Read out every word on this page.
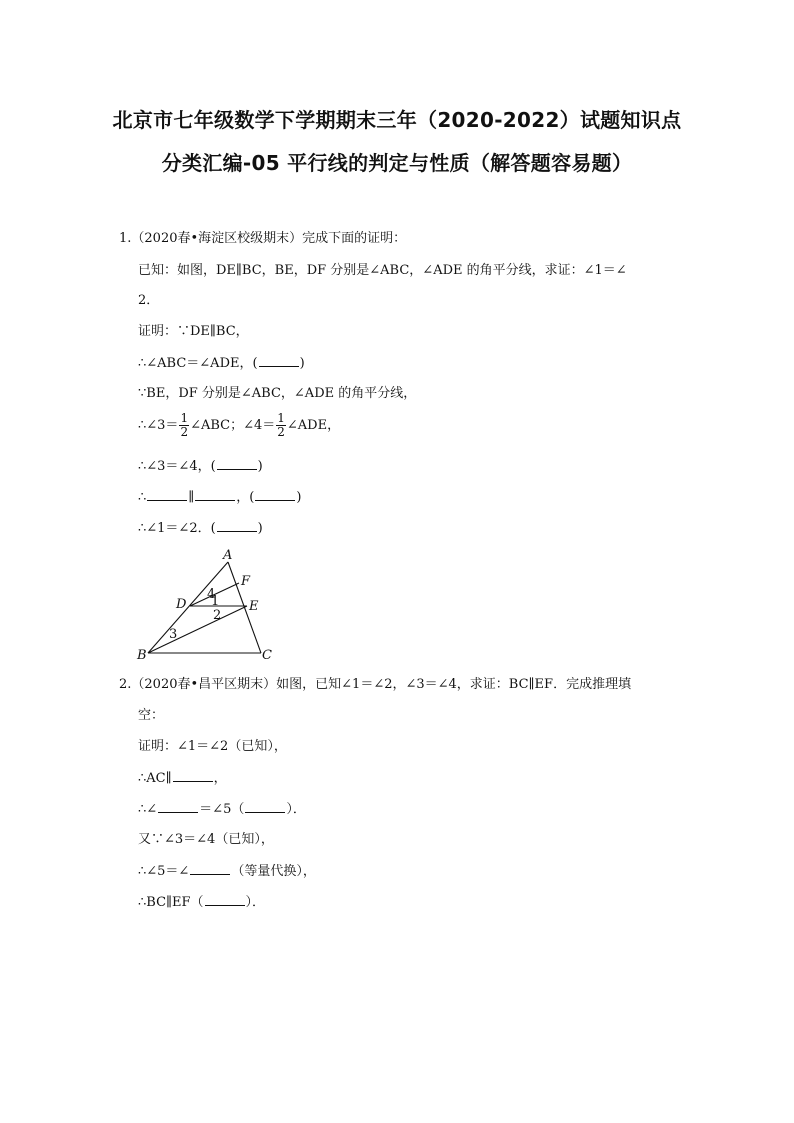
北京市七年级数学下学期期末三年（2020-2022）试题知识点
分类汇编-05 平行线的判定与性质（解答题容易题）
1.（2020春•海淀区校级期末）完成下面的证明：
已知：如图，DE∥BC，BE，DF 分别是∠ABC，∠ADE 的角平分线，求证：∠1＝∠
2．
证明：∵DE∥BC，
∴∠ABC＝∠ADE，(	)
∵BE，DF 分别是∠ABC，∠ADE 的角平分线，
∴∠3＝ $\frac{1}{2}$ ∠ABC；∠4＝ $\frac{1}{2}$ ∠ADE，
∴∠3＝∠4，(	)
∴	∥	，(	)
∴∠1＝∠2．(	)
A
B	C
D	E
F
4
1
2
3
2.（2020春•昌平区期末）如图，已知∠1＝∠2，∠3＝∠4，求证：BC∥EF．完成推理填
空：
证明：∠1＝∠2（已知），
∴AC∥	，
∴∠	＝∠5（	）．
又∵∠3＝∠4（已知），
∴∠5＝∠	（等量代换），
∴BC∥EF（	）．
